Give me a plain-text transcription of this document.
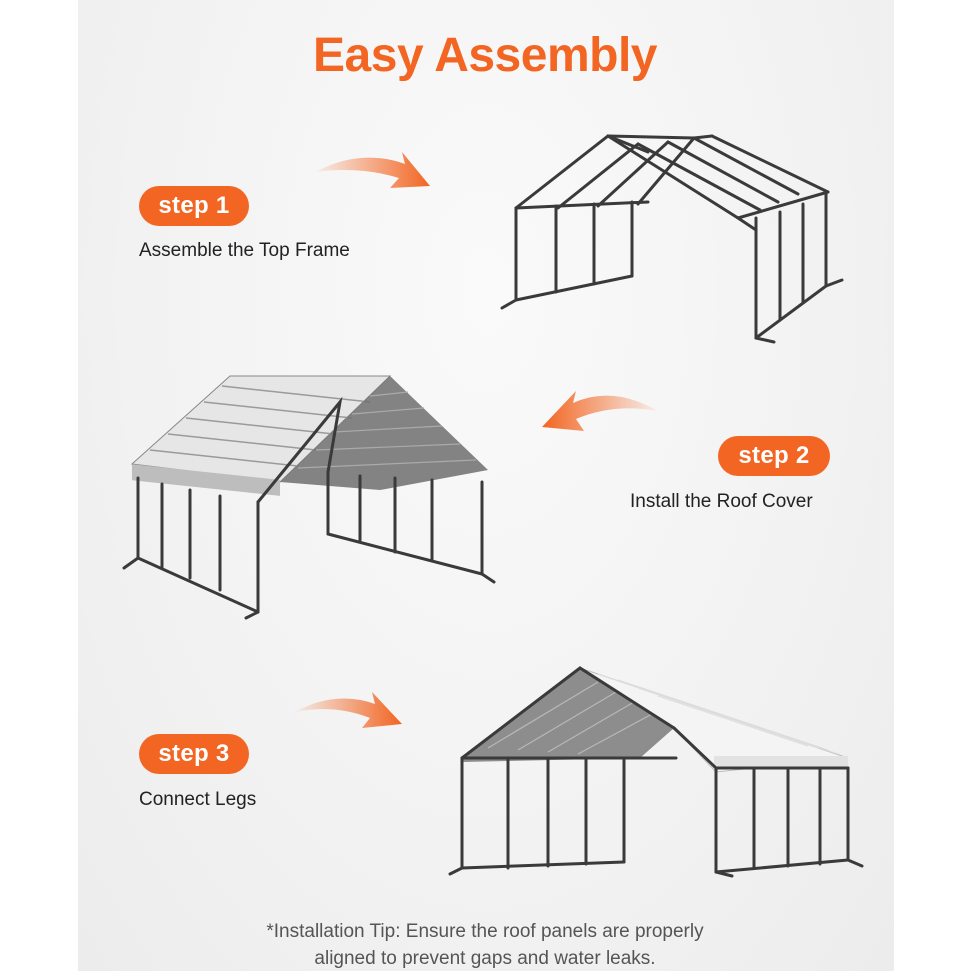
Easy Assembly
step 1
Assemble the Top Frame
step 2
Install the Roof Cover
step 3
Connect Legs
*Installation Tip: Ensure the roof panels are properly
aligned to prevent gaps and water leaks.
